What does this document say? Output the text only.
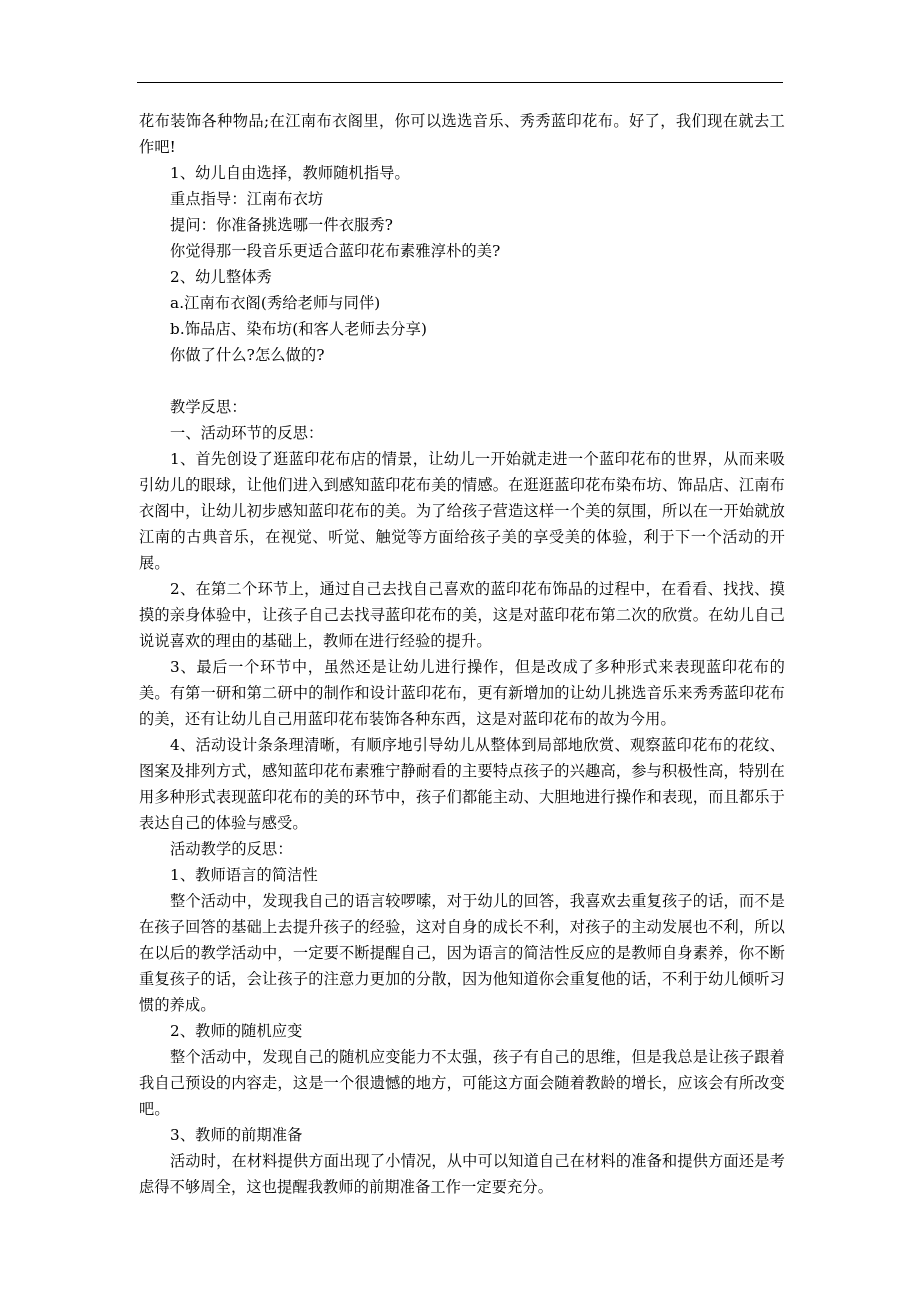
花布装饰各种物品;在江南布衣阁里，你可以选选音乐、秀秀蓝印花布。好了，我们现在就去工作吧!

1、幼儿自由选择，教师随机指导。

重点指导：江南布衣坊

提问：你准备挑选哪一件衣服秀?

你觉得那一段音乐更适合蓝印花布素雅淳朴的美?

2、幼儿整体秀

a.江南布衣阁(秀给老师与同伴)

b.饰品店、染布坊(和客人老师去分享)

你做了什么?怎么做的?

教学反思：

一、活动环节的反思：

1、首先创设了逛蓝印花布店的情景，让幼儿一开始就走进一个蓝印花布的世界，从而来吸引幼儿的眼球，让他们进入到感知蓝印花布美的情感。在逛逛蓝印花布染布坊、饰品店、江南布衣阁中，让幼儿初步感知蓝印花布的美。为了给孩子营造这样一个美的氛围，所以在一开始就放江南的古典音乐，在视觉、听觉、触觉等方面给孩子美的享受美的体验，利于下一个活动的开展。

2、在第二个环节上，通过自己去找自己喜欢的蓝印花布饰品的过程中，在看看、找找、摸摸的亲身体验中，让孩子自己去找寻蓝印花布的美，这是对蓝印花布第二次的欣赏。在幼儿自己说说喜欢的理由的基础上，教师在进行经验的提升。

3、最后一个环节中，虽然还是让幼儿进行操作，但是改成了多种形式来表现蓝印花布的美。有第一研和第二研中的制作和设计蓝印花布，更有新增加的让幼儿挑选音乐来秀秀蓝印花布的美，还有让幼儿自己用蓝印花布装饰各种东西，这是对蓝印花布的故为今用。

4、活动设计条条理清晰，有顺序地引导幼儿从整体到局部地欣赏、观察蓝印花布的花纹、图案及排列方式，感知蓝印花布素雅宁静耐看的主要特点孩子的兴趣高，参与积极性高，特别在用多种形式表现蓝印花布的美的环节中，孩子们都能主动、大胆地进行操作和表现，而且都乐于表达自己的体验与感受。

活动教学的反思：

1、教师语言的简洁性

整个活动中，发现我自己的语言较啰嗦，对于幼儿的回答，我喜欢去重复孩子的话，而不是在孩子回答的基础上去提升孩子的经验，这对自身的成长不利，对孩子的主动发展也不利，所以在以后的教学活动中，一定要不断提醒自己，因为语言的简洁性反应的是教师自身素养，你不断重复孩子的话，会让孩子的注意力更加的分散，因为他知道你会重复他的话，不利于幼儿倾听习惯的养成。

2、教师的随机应变

整个活动中，发现自己的随机应变能力不太强，孩子有自己的思维，但是我总是让孩子跟着我自己预设的内容走，这是一个很遗憾的地方，可能这方面会随着教龄的增长，应该会有所改变吧。

3、教师的前期准备

活动时，在材料提供方面出现了小情况，从中可以知道自己在材料的准备和提供方面还是考虑得不够周全，这也提醒我教师的前期准备工作一定要充分。
